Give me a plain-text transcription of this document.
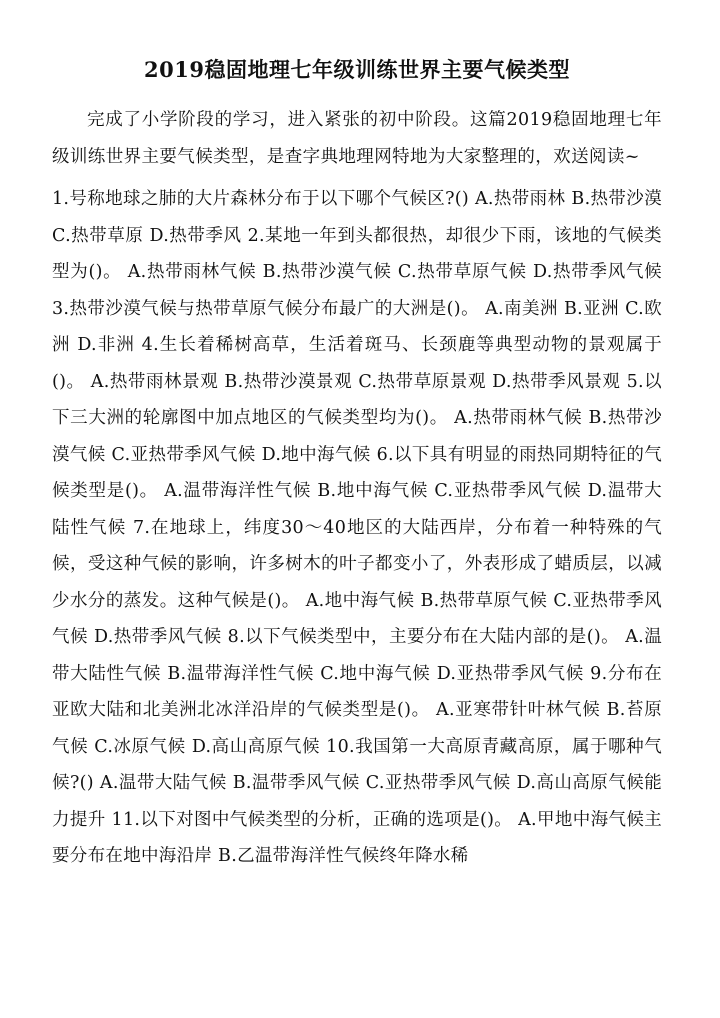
2019稳固地理七年级训练世界主要气候类型

完成了小学阶段的学习，进入紧张的初中阶段。这篇2019稳固地理七年级训练世界主要气候类型，是查字典地理网特地为大家整理的，欢送阅读~

1.号称地球之肺的大片森林分布于以下哪个气候区?() A.热带雨林 B.热带沙漠 C.热带草原 D.热带季风 2.某地一年到头都很热，却很少下雨，该地的气候类型为()。 A.热带雨林气候 B.热带沙漠气候 C.热带草原气候 D.热带季风气候 3.热带沙漠气候与热带草原气候分布最广的大洲是()。 A.南美洲 B.亚洲 C.欧洲 D.非洲 4.生长着稀树高草，生活着斑马、长颈鹿等典型动物的景观属于()。 A.热带雨林景观 B.热带沙漠景观 C.热带草原景观 D.热带季风景观 5.以下三大洲的轮廓图中加点地区的气候类型均为()。 A.热带雨林气候 B.热带沙漠气候 C.亚热带季风气候 D.地中海气候 6.以下具有明显的雨热同期特征的气候类型是()。 A.温带海洋性气候 B.地中海气候 C.亚热带季风气候 D.温带大陆性气候 7.在地球上，纬度30～40地区的大陆西岸，分布着一种特殊的气候，受这种气候的影响，许多树木的叶子都变小了，外表形成了蜡质层，以减少水分的蒸发。这种气候是()。 A.地中海气候 B.热带草原气候 C.亚热带季风气候 D.热带季风气候 8.以下气候类型中，主要分布在大陆内部的是()。 A.温带大陆性气候 B.温带海洋性气候 C.地中海气候 D.亚热带季风气候 9.分布在亚欧大陆和北美洲北冰洋沿岸的气候类型是()。 A.亚寒带针叶林气候 B.苔原气候 C.冰原气候 D.高山高原气候 10.我国第一大高原青藏高原，属于哪种气候?() A.温带大陆气候 B.温带季风气候 C.亚热带季风气候 D.高山高原气候能力提升 11.以下对图中气候类型的分析，正确的选项是()。 A.甲地中海气候主要分布在地中海沿岸 B.乙温带海洋性气候终年降水稀
